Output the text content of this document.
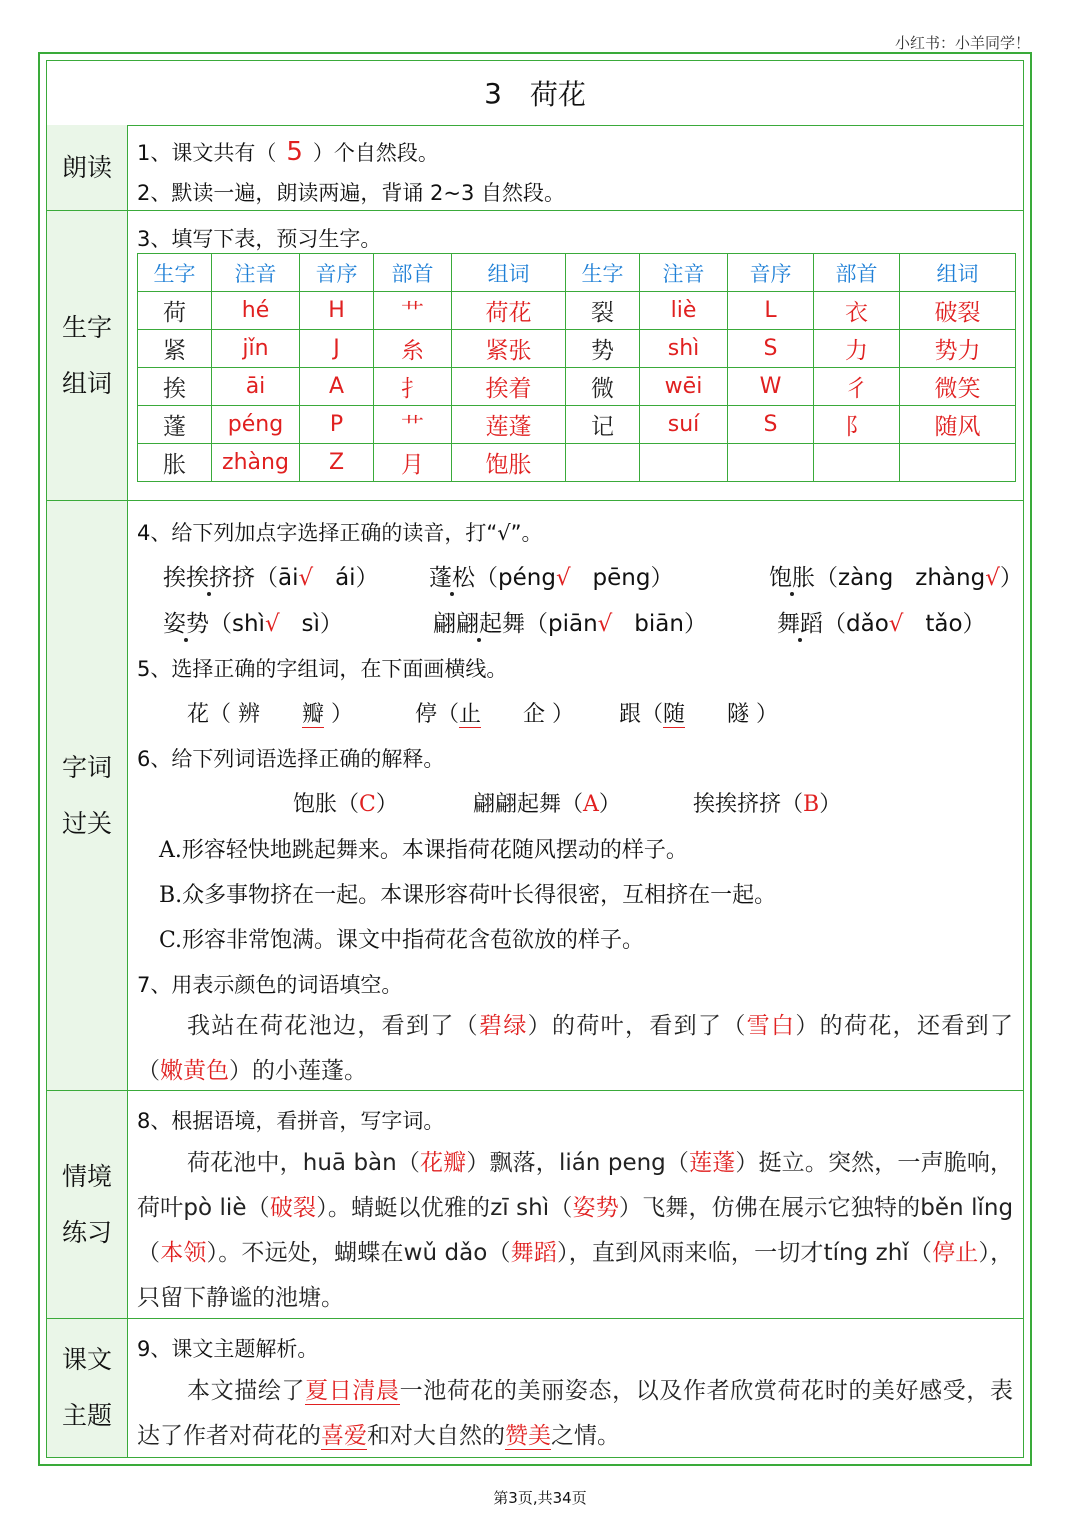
小红书：小羊同学！
3 荷花
朗读 1、课文共有（ 5 ）个自然段。
2、默读一遍，朗读两遍，背诵 2~3 自然段。
生字
组词
3、填写下表，预习生字。
生字	注音	音序	部首	组词	生字	注音	音序	部首	组词
荷	hé	H	艹	荷花	裂	liè	L	衣	破裂
紧	jǐn	J	糸	紧张	势	shì	S	力	势力
挨	āi	A	扌	挨着	微	wēi	W	彳	微笑
蓬	péng	P	艹	莲蓬	记	suí	S	阝	随风
胀	zhàng	Z	月	饱胀					
字词
过关
4、给下列加点字选择正确的读音，打“√”。
挨挨挤挤（āi√ ái） 蓬松（péng√ pēng）	饱胀（zàng zhàng√）
姿势（shì√ sì）	翩翩起舞（piān√ biān）	舞蹈（dǎo√ tǎo）
5、选择正确的字组词，在下面画横线。
花（ 辨 瓣 ）	停（止 企 ） 跟（随 隧 ）
6、给下列词语选择正确的解释。
饱胀（C）	翩翩起舞（A）	挨挨挤挤（B）
A.形容轻快地跳起舞来。本课指荷花随风摆动的样子。
B.众多事物挤在一起。本课形容荷叶长得很密，互相挤在一起。
C.形容非常饱满。课文中指荷花含苞欲放的样子。
7、用表示颜色的词语填空。
我站在荷花池边，看到了（碧绿）的荷叶，看到了（雪白）的荷花，还看到了（嫩黄色）的小莲蓬。
情境
练习
8、根据语境，看拼音，写字词。
荷花池中，huā bàn（花瓣）飘落，lián peng（莲蓬）挺立。突然，一声脆响，荷叶pò liè（破裂）。蜻蜓以优雅的zī shì（姿势）飞舞，仿佛在展示它独特的běn lǐng（本领）。不远处，蝴蝶在wǔ dǎo（舞蹈），直到风雨来临，一切才tíng zhǐ（停止），只留下静谧的池塘。
课文
主题
9、课文主题解析。
本文描绘了夏日清晨一池荷花的美丽姿态，以及作者欣赏荷花时的美好感受，表达了作者对荷花的喜爱和对大自然的赞美之情。
第3页,共34页
